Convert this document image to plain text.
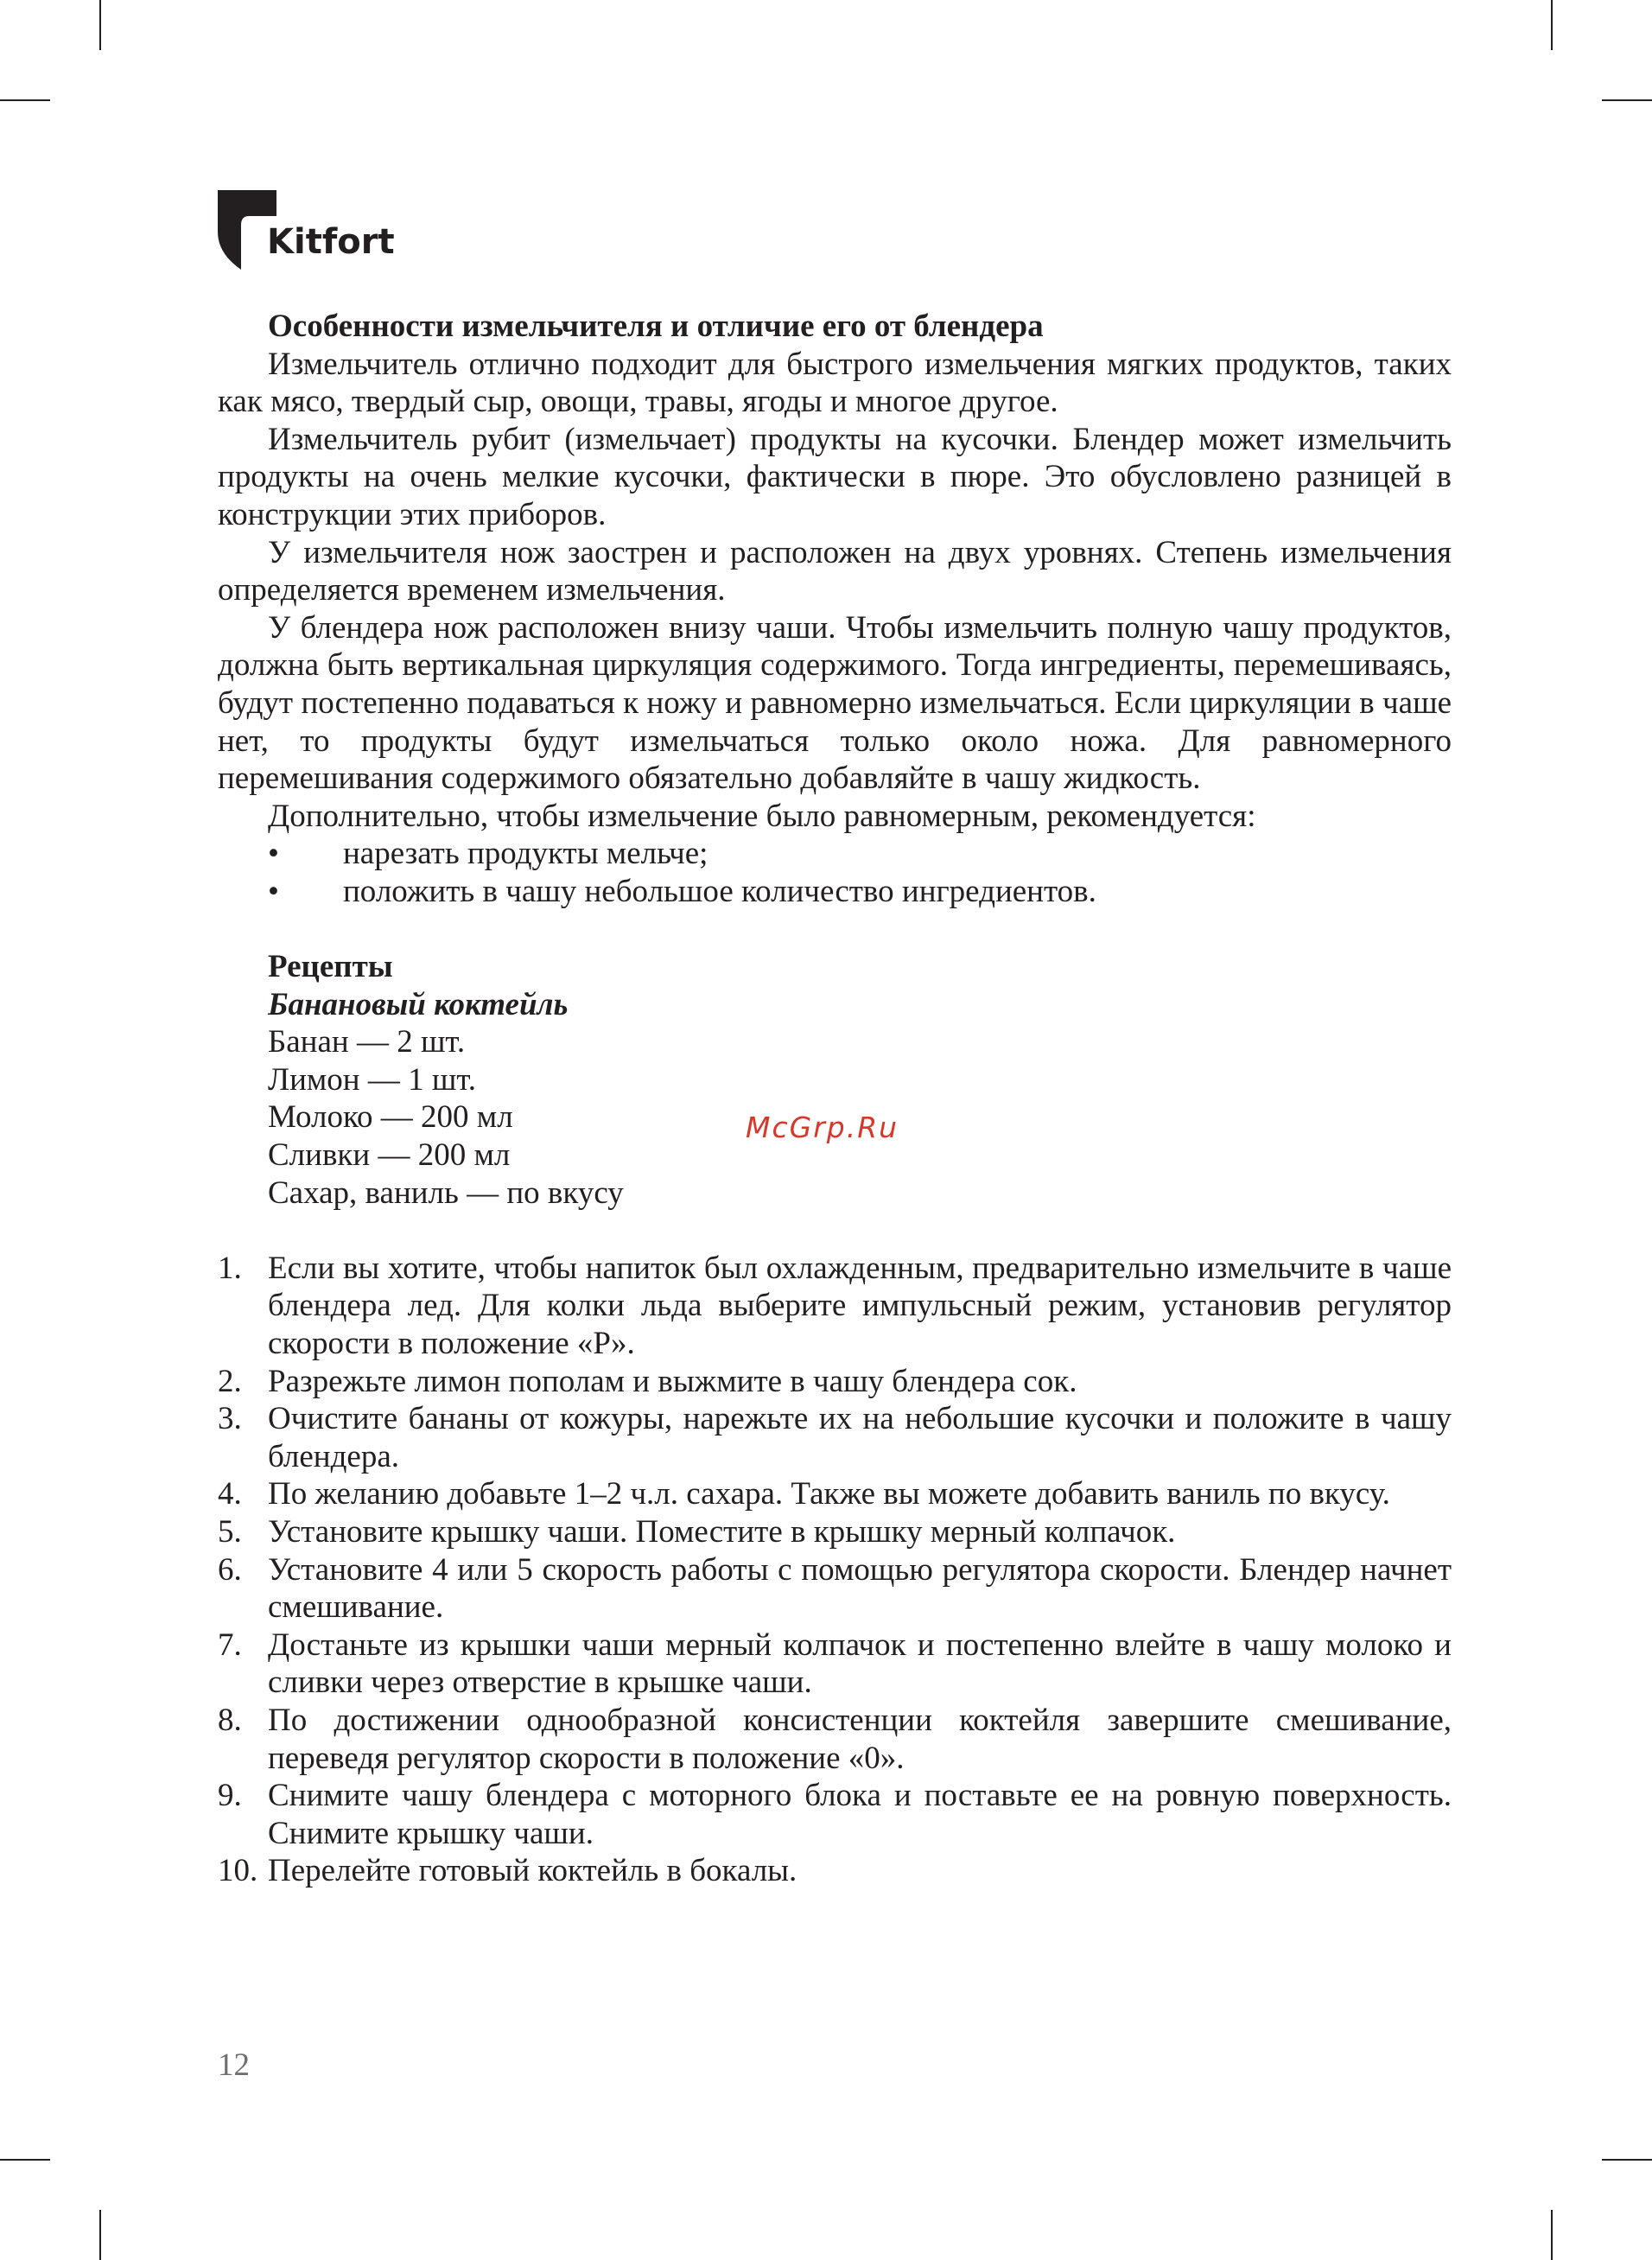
Kitfort
Особенности измельчителя и отличие его от блендера

Измельчитель отлично подходит для быстрого измельчения мягких продуктов, таких как мясо, твердый сыр, овощи, травы, ягоды и многое другое.

Измельчитель рубит (измельчает) продукты на кусочки. Блендер может измельчить продукты на очень мелкие кусочки, фактически в пюре. Это обусловлено разницей в конструкции этих приборов.

У измельчителя нож заострен и расположен на двух уровнях. Степень измельчения определяется временем измельчения.

У блендера нож расположен внизу чаши. Чтобы измельчить полную чашу продуктов, должна быть вертикальная циркуляция содержимого. Тогда ингредиенты, перемешиваясь, будут постепенно подаваться к ножу и равномерно измельчаться. Если циркуляции в чаше нет, то продукты будут измельчаться только около ножа. Для равномерного перемешивания содержимого обязательно добавляйте в чашу жидкость.

Дополнительно, чтобы измельчение было равномерным, рекомендуется:

• нарезать продукты мельче;
• положить в чашу небольшое количество ингредиентов.
Рецепты
Банановый коктейль
Банан — 2 шт.
Лимон — 1 шт.
Молоко — 200 мл
Сливки — 200 мл
Сахар, ваниль — по вкусу
1. Если вы хотите, чтобы напиток был охлажденным, предварительно измельчите в чаше блендера лед. Для колки льда выберите импульсный режим, установив регулятор скорости в положение «P».
2. Разрежьте лимон пополам и выжмите в чашу блендера сок.
3. Очистите бананы от кожуры, нарежьте их на небольшие кусочки и положите в чашу блендера.
4. По желанию добавьте 1–2 ч.л. сахара. Также вы можете добавить ваниль по вкусу.
5. Установите крышку чаши. Поместите в крышку мерный колпачок.
6. Установите 4 или 5 скорость работы с помощью регулятора скорости. Блендер начнет смешивание.
7. Достаньте из крышки чаши мерный колпачок и постепенно влейте в чашу молоко и сливки через отверстие в крышке чаши.
8. По достижении однообразной консистенции коктейля завершите смешивание, переведя регулятор скорости в положение «0».
9. Снимите чашу блендера с моторного блока и поставьте ее на ровную поверхность. Снимите крышку чаши.
10. Перелейте готовый коктейль в бокалы.
McGrp.Ru
12
